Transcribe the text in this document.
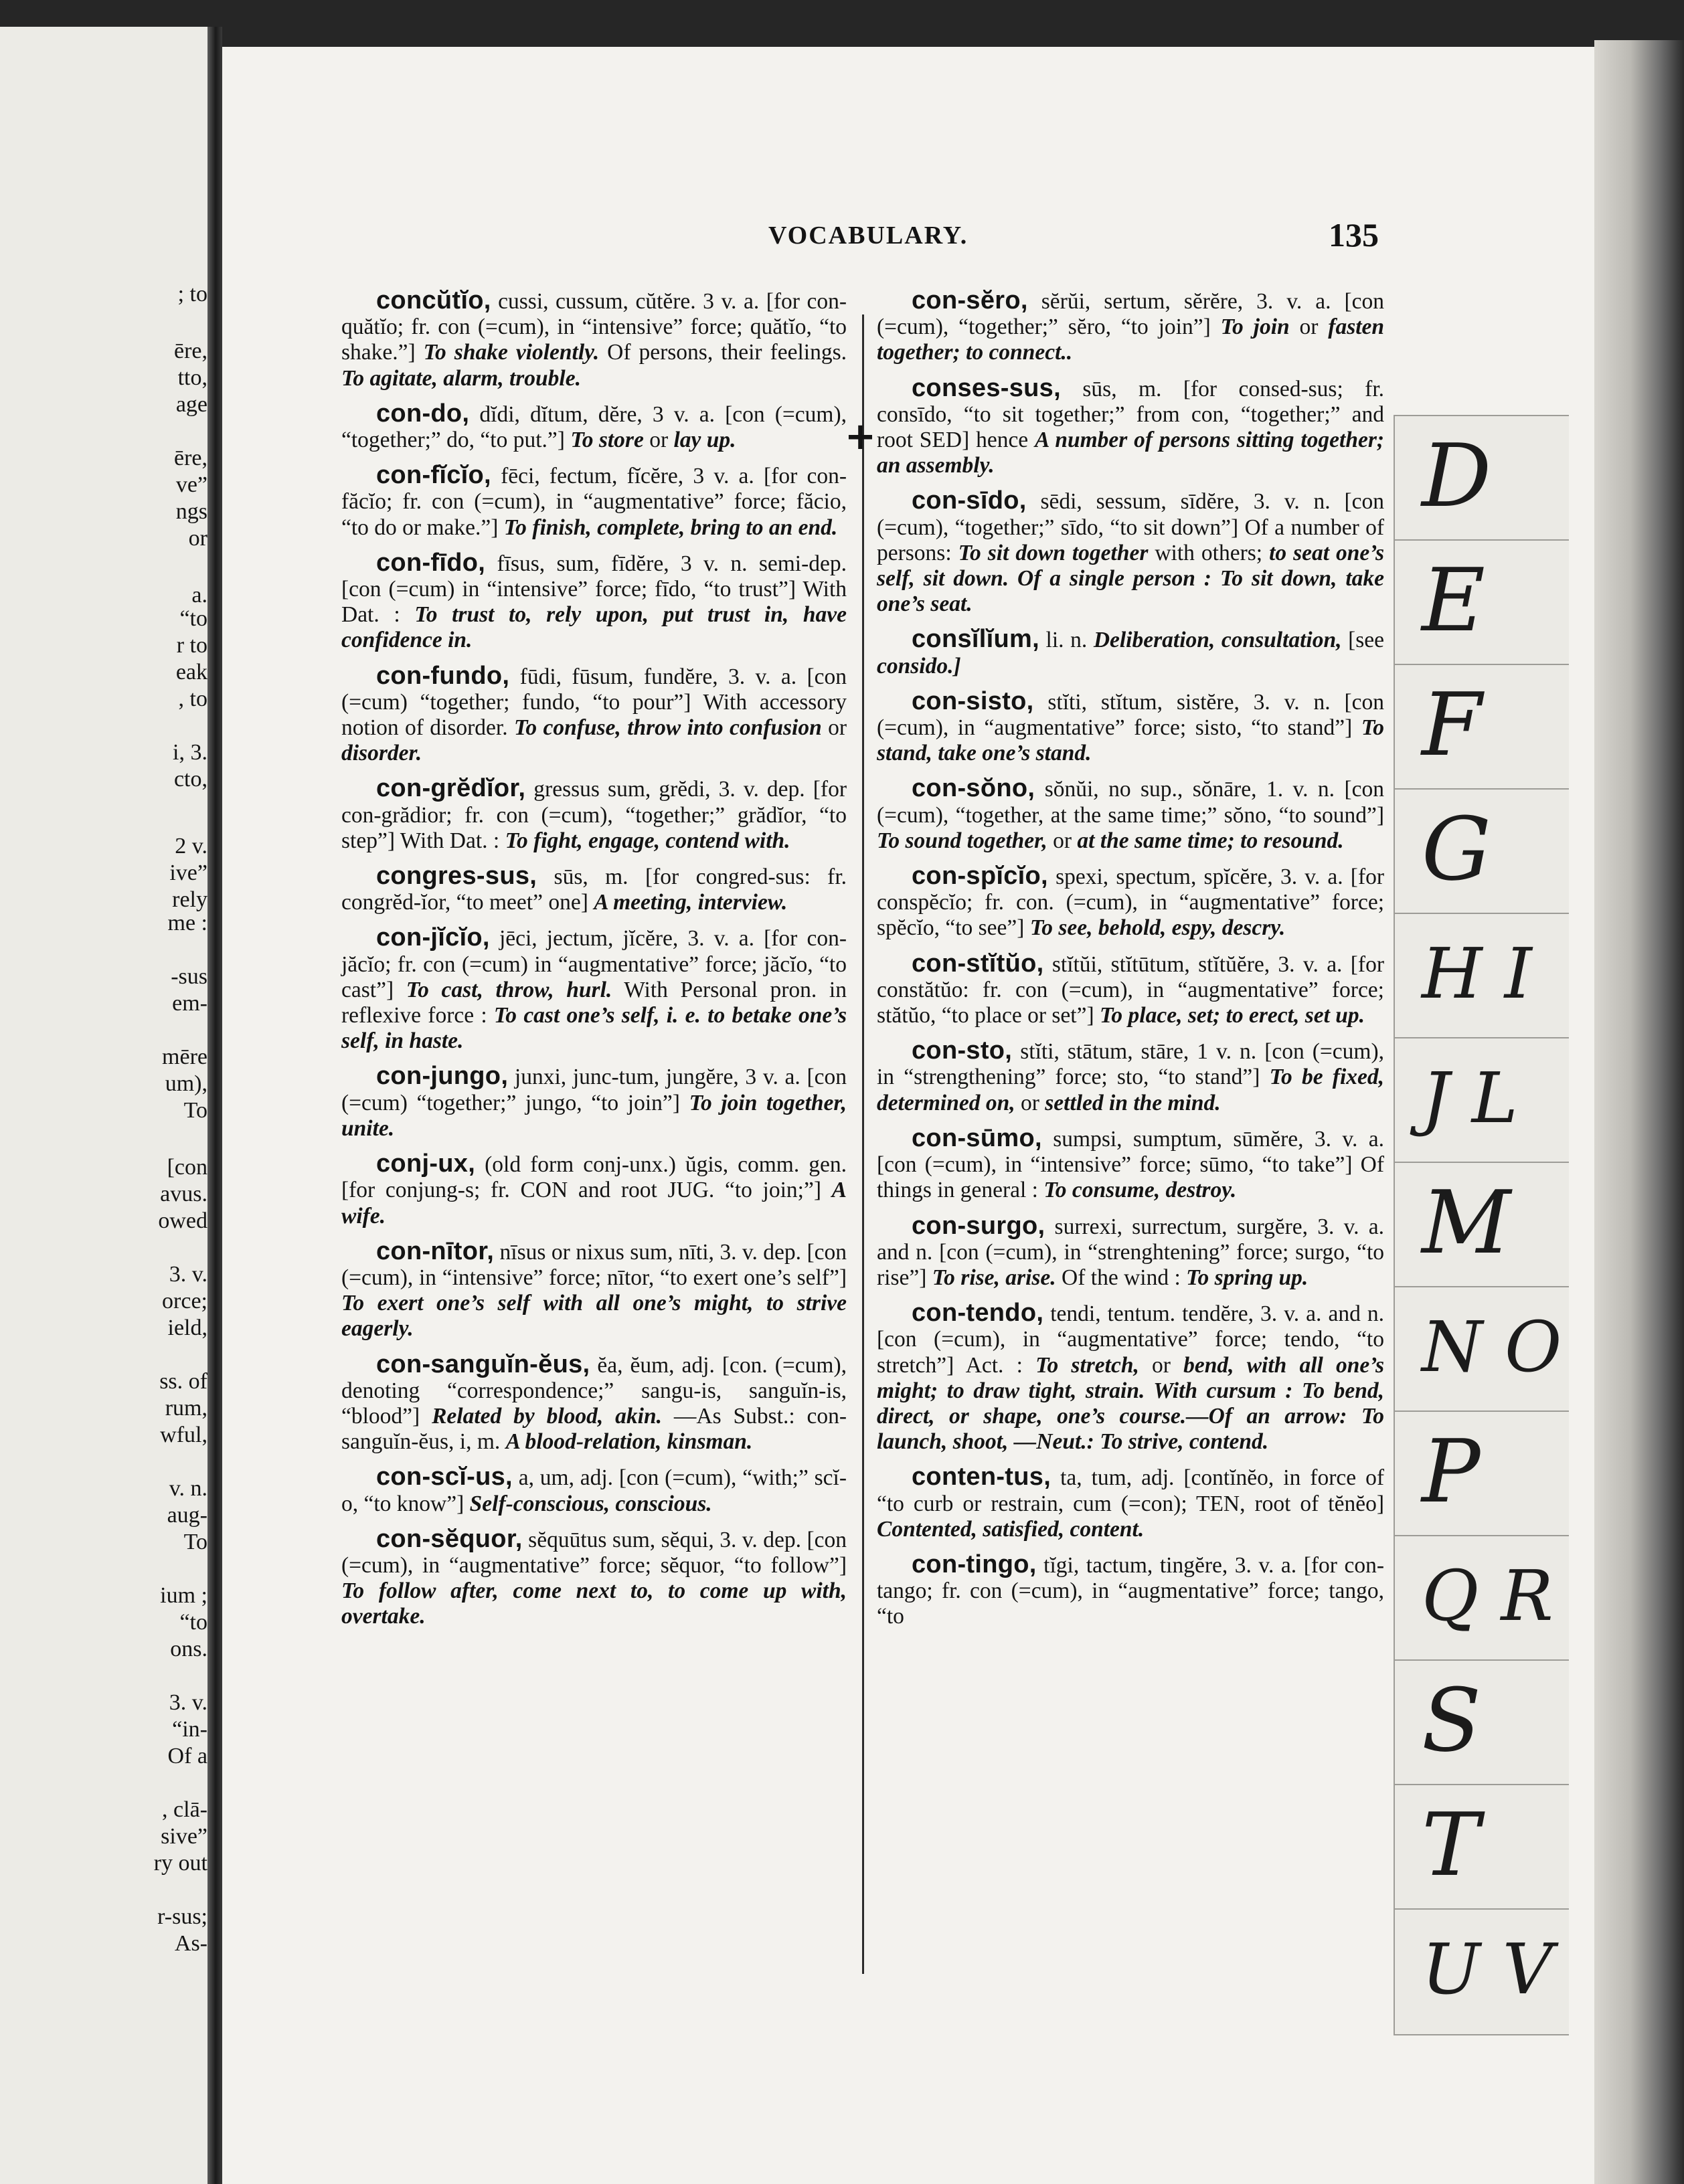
; to
ēre,
tto,
age
ēre,
ve”
ngs
or
a.
“to
r to
eak
, to
i, 3.
cto,
2 v.
ive”
rely
me :
-sus
em-
mēre
um),
To
[con
avus.
owed
3. v.
orce;
ield,
ss. of
rum,
wful,
v. n.
aug-
To
ium ;
“to
ons.
3. v.
“in-
Of a
, clā-
sive”
ry out
r-sus;
As-
VOCABULARY.	135

concŭtĭo, cussi, cussum, cŭtĕre. 3 v. a. [for con-quătĭo; fr. con (=cum), in “intensive” force; quătĭo, “to shake.”] To shake violently. Of persons, their feelings. To agitate, alarm, trouble.

con-do, dĭdi, dĭtum, dĕre, 3 v. a. [con (=cum), “together;” do, “to put.”] To store or lay up.

con-fĭcĭo, fēci, fectum, fĭcĕre, 3 v. a. [for con-făcĭo; fr. con (=cum), in “augmentative” force; făcio, “to do or make.”] To finish, complete, bring to an end.

con-fīdo, fīsus, sum, fīdĕre, 3 v. n. semi-dep. [con (=cum) in “intensive” force; fīdo, “to trust”] With Dat. : To trust to, rely upon, put trust in, have confidence in.

con-fundo, fūdi, fūsum, fundĕre, 3. v. a. [con (=cum) “together; fundo, “to pour”] With accessory notion of disorder. To confuse, throw into confusion or disorder.

con-grĕdĭor, gressus sum, grĕdi, 3. v. dep. [for con-grădior; fr. con (=cum), “together;” grădĭor, “to step”] With Dat. : To fight, engage, contend with.

congres-sus, sūs, m. [for congred-sus: fr. congrĕd-ĭor, “to meet” one] A meeting, interview.

con-jĭcĭo, jēci, jectum, jĭcĕre, 3. v. a. [for con-jăcĭo; fr. con (=cum) in “augmentative” force; jăcĭo, “to cast”] To cast, throw, hurl. With Personal pron. in reflexive force : To cast one’s self, i. e. to betake one’s self, in haste.

con-jungo, junxi, junc-tum, jungĕre, 3 v. a. [con (=cum) “together;” jungo, “to join”] To join together, unite.

conj-ux, (old form conj-unx.) ŭgis, comm. gen. [for conjung-s; fr. CON and root JUG. “to join;”] A wife.

con-nītor, nīsus or nixus sum, nīti, 3. v. dep. [con (=cum), in “intensive” force; nītor, “to exert one’s self”] To exert one’s self with all one’s might, to strive eagerly.

con-sanguĭn-ĕus, ĕa, ĕum, adj. [con. (=cum), denoting “correspondence;” sangu-is, sanguĭn-is, “blood”] Related by blood, akin. —As Subst.: con-sanguĭn-ĕus, i, m. A blood-relation, kinsman.

con-scĭ-us, a, um, adj. [con (=cum), “with;” scĭ-o, “to know”] Self-conscious, conscious.

con-sĕquor, sĕquūtus sum, sĕqui, 3. v. dep. [con (=cum), in “augmentative” force; sĕquor, “to follow”] To follow after, come next to, to come up with, overtake.

con-sĕro, sĕrŭi, sertum, sĕrĕre, 3. v. a. [con (=cum), “together;” sĕro, “to join”] To join or fasten together; to connect..

conses-sus, sūs, m. [for consed-sus; fr. consīdo, “to sit together;” from con, “together;” and root SED] hence A number of persons sitting together; an assembly.

con-sīdo, sēdi, sessum, sīdĕre, 3. v. n. [con (=cum), “together;” sīdo, “to sit down”] Of a number of persons: To sit down together with others; to seat one’s self, sit down. Of a single person : To sit down, take one’s seat.

consĭlĭum, li. n. Deliberation, consultation, [see consido.]

con-sisto, stĭti, stĭtum, sistĕre, 3. v. n. [con (=cum), in “augmentative” force; sisto, “to stand”] To stand, take one’s stand.

con-sŏno, sŏnŭi, no sup., sŏnāre, 1. v. n. [con (=cum), “together, at the same time;” sŏno, “to sound”] To sound together, or at the same time; to resound.

con-spĭcĭo, spexi, spectum, spĭcĕre, 3. v. a. [for conspĕcĭo; fr. con. (=cum), in “augmentative” force; spĕcĭo, “to see”] To see, behold, espy, descry.

con-stĭtŭo, stĭtŭi, stĭtūtum, stĭtŭĕre, 3. v. a. [for constătŭo: fr. con (=cum), in “augmentative” force; stătŭo, “to place or set”] To place, set; to erect, set up.

con-sto, stĭti, stātum, stāre, 1 v. n. [con (=cum), in “strengthening” force; sto, “to stand”] To be fixed, determined on, or settled in the mind.

con-sūmo, sumpsi, sumptum, sūmĕre, 3. v. a. [con (=cum), in “intensive” force; sūmo, “to take”] Of things in general : To consume, destroy.

con-surgo, surrexi, surrectum, surgĕre, 3. v. a. and n. [con (=cum), in “strenghtening” force; surgo, “to rise”] To rise, arise. Of the wind : To spring up.

con-tendo, tendi, tentum. tendĕre, 3. v. a. and n. [con (=cum), in “augmentative” force; tendo, “to stretch”] Act. : To stretch, or bend, with all one’s might; to draw tight, strain. With cursum : To bend, direct, or shape, one’s course.—Of an arrow: To launch, shoot, —Neut.: To strive, contend.

conten-tus, ta, tum, adj. [contĭnĕo, in force of “to curb or restrain, cum (=con); TEN, root of tĕnĕo] Contented, satisfied, content.

con-tingo, tĭgi, tactum, tingĕre, 3. v. a. [for con-tango; fr. con (=cum), in “augmentative” force; tango, “to

+	D
E
F
G
H I
J L
M
N O
P
Q R
S
T
U V
